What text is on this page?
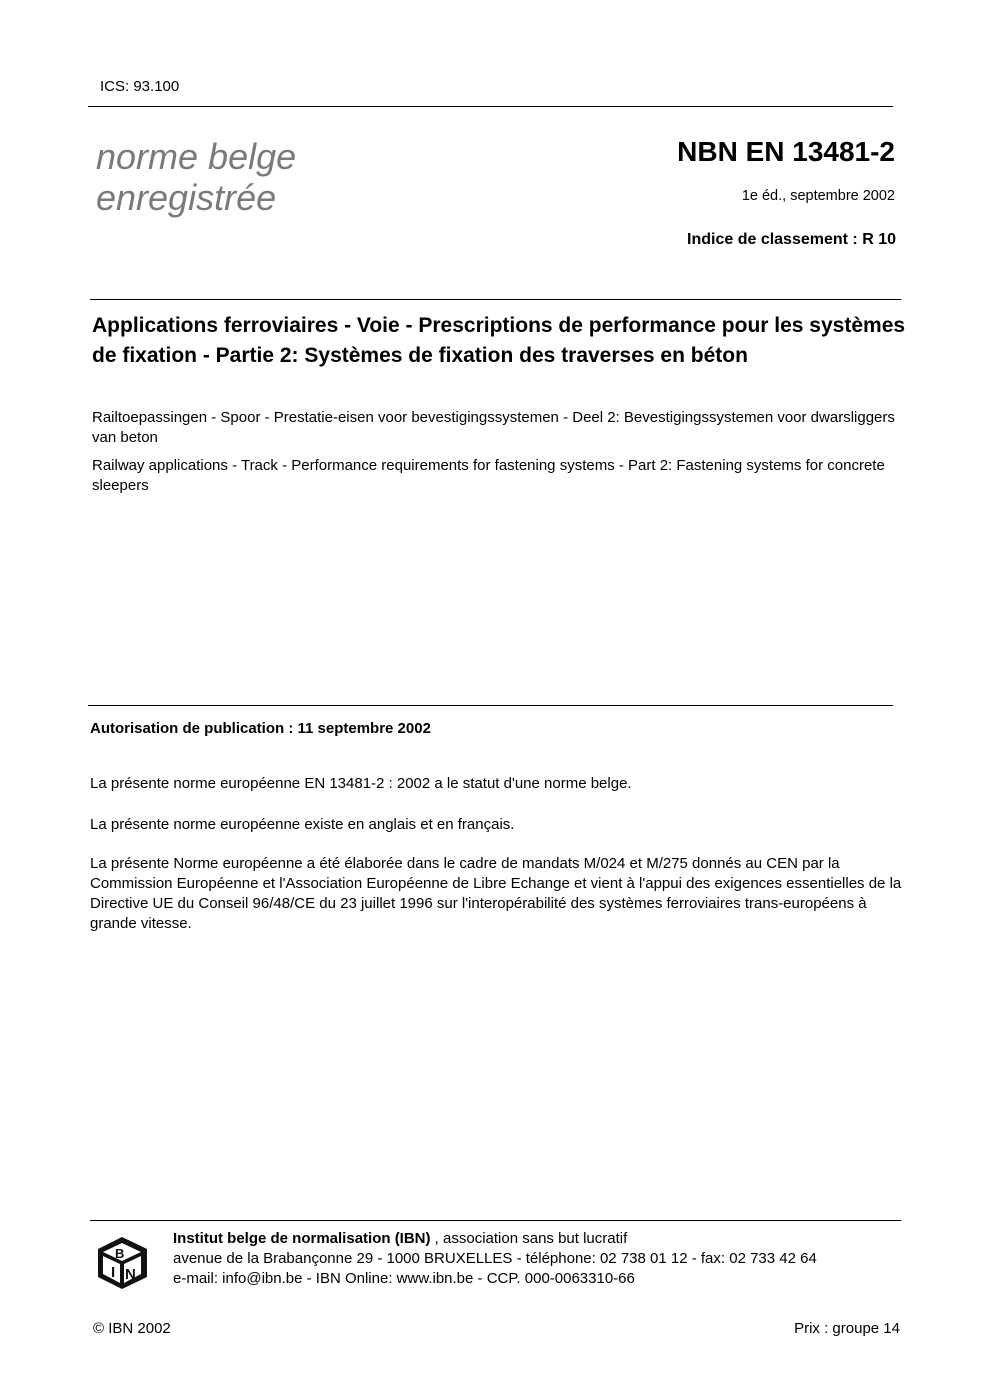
ICS: 93.100
norme belge
enregistrée
NBN EN 13481-2
1e éd., septembre 2002
Indice de classement : R 10
Applications ferroviaires - Voie - Prescriptions de performance pour les systèmes de fixation - Partie 2: Systèmes de fixation des traverses en béton
Railtoepassingen - Spoor - Prestatie-eisen voor bevestigingssystemen - Deel 2: Bevestigingssystemen voor dwarsliggers van beton
Railway applications - Track - Performance requirements for fastening systems - Part 2: Fastening systems for concrete sleepers
Autorisation de publication : 11 septembre 2002
La présente norme européenne EN 13481-2 : 2002 a le statut d'une norme belge.
La présente norme européenne existe en anglais et en français.
La présente Norme européenne a été élaborée dans le cadre de mandats M/024 et M/275 donnés au CEN par la Commission Européenne et l'Association Européenne de Libre Echange et vient à l'appui des exigences essentielles de la Directive UE du Conseil 96/48/CE du 23 juillet 1996 sur l'interopérabilité des systèmes ferroviaires trans-européens à grande vitesse.
I N
B
Institut belge de normalisation (IBN) , association sans but lucratif
avenue de la Brabançonne 29 - 1000 BRUXELLES - téléphone: 02 738 01 12 - fax: 02 733 42 64
e-mail: info@ibn.be - IBN Online: www.ibn.be - CCP. 000-0063310-66
© IBN 2002	Prix : groupe 14
